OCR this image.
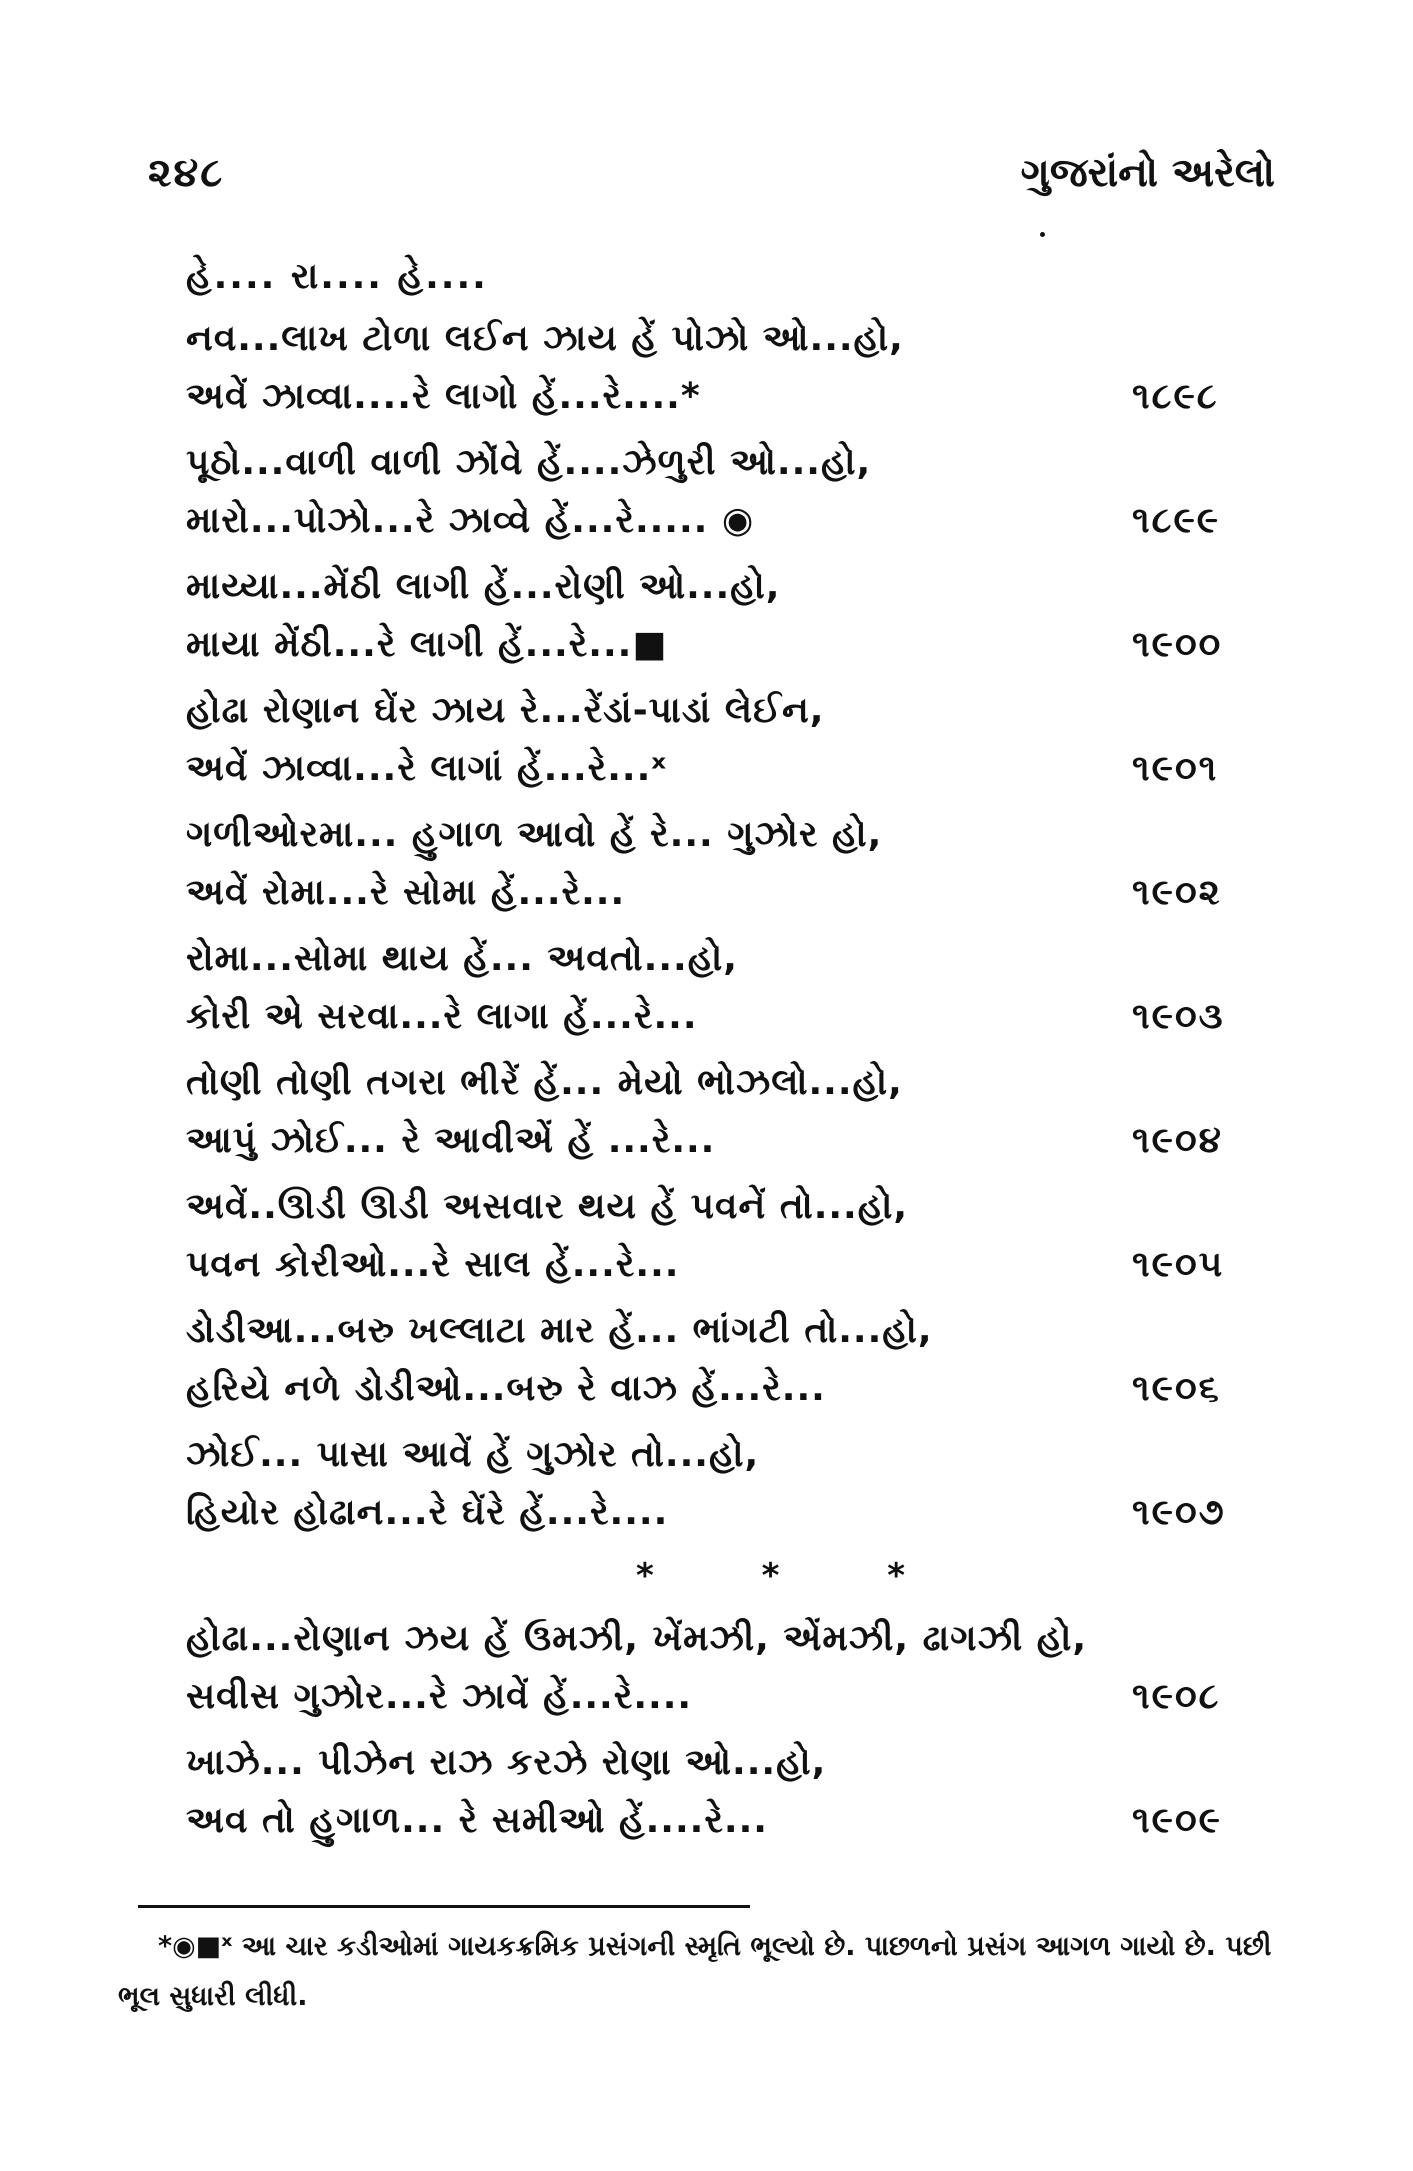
૨૪૮	ગુજરાંનો અરેલો
હે.... રા.... હે....
નવ...લાખ ટોળા લઈન ઝાય હેં પોઝો ઓ...હો,
અવેં ઝાવ્વા....રે લાગો હેં...રે....*	૧૮૯૮
પૂઠો...વાળી વાળી ઝોંવે હેં....ઝેળુરી ઓ...હો,
મારો...પોઝો...રે ઝાવ્વે હેં...રે..... ◉	૧૮૯૯
માય્યા...મેંઠી લાગી હેં...રોણી ઓ...હો,
માયા મેંઠી...રે લાગી હેં...રે...■	૧૯૦૦
હોઢા રોણાન ઘેંર ઝાય રે...રેંડાં-પાડાં લેઈન,
અવેં ઝાવ્વા...રે લાગાં હેં...રે...ˣ	૧૯૦૧
ગળીઓરમા... હુગાળ આવો હેં રે... ગુઝોર હો,
અવેં રોમા...રે સોમા હેં...રે...	૧૯૦૨
રોમા...સોમા થાય હેં... અવતો...હો,
કોરી એ સરવા...રે લાગા હેં...રે...	૧૯૦૩
તોણી તોણી તગરા ભીરેં હેં... મેયો ભોઝલો...હો,
આપું ઝોઈ... રે આવીએં હેં ...રે...	૧૯૦૪
અવેં..ઊડી ઊડી અસવાર થય હેં પવનેં તો...હો,
પવન કોરીઓ...રે સાલ હેં...રે...	૧૯૦૫
ડોડીઆ...બરુ ખલ્લાટા માર હેં... ભાંગટી તો...હો,
હરિયે નળે ડોડીઓ...બરુ રે વાઝ હેં...રે...	૧૯૦૬
ઝોઈ... પાસા આવેં હેં ગુઝોર તો...હો,
હિયોર હોઢાન...રે ઘેંરે હેં...રે....	૧૯૦૭
* * *
હોઢા...રોણાન ઝય હેં ઉમઝી, ખેંમઝી, એંમઝી, ઢાગઝી હો,
સવીસ ગુઝોર...રે ઝાવેં હેં...રે....	૧૯૦૮
ખાઝે... પીઝેન રાઝ કરઝે રોણા ઓ...હો,
અવ તો હુગાળ... રે સમીઓ હેં....રે...	૧૯૦૯
*◉■ˣ આ ચાર કડીઓમાં ગાયકક્રમિક પ્રસંગની સ્મૃતિ ભૂલ્યો છે. પાછળનો પ્રસંગ આગળ ગાયો છે. પછી ભૂલ સુધારી લીધી.
